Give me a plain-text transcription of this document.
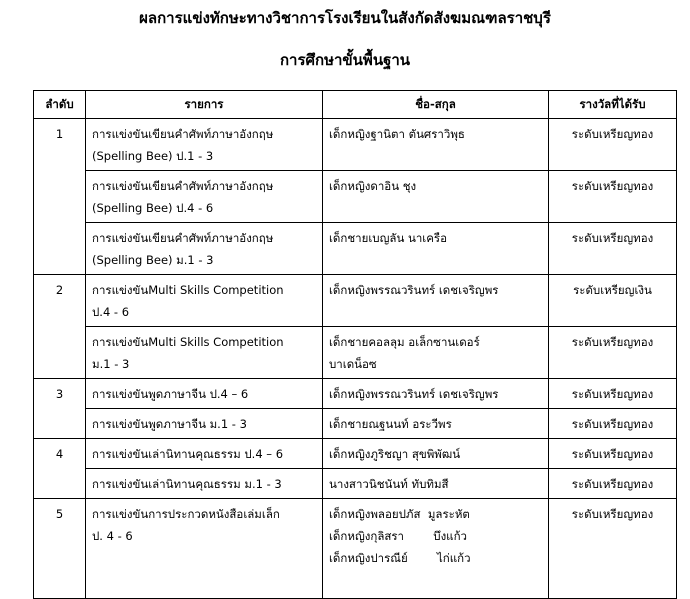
ผลการแข่งทักษะทางวิชาการโรงเรียนในสังกัดสังฆมณฑลราชบุรี
การศึกษาขั้นพื้นฐาน
ลำดับ	รายการ	ชื่อ-สกุล	รางวัลที่ได้รับ
1	การแข่งขันเขียนคำศัพท์ภาษาอังกฤษ
(Spelling Bee) ป.1 - 3	เด็กหญิงฐานิตา ตันศราวิพุธ	ระดับเหรียญทอง

	การแข่งขันเขียนคำศัพท์ภาษาอังกฤษ
(Spelling Bee) ป.4 - 6	เด็กหญิงดาอิน ชุง	ระดับเหรียญทอง

	การแข่งขันเขียนคำศัพท์ภาษาอังกฤษ
(Spelling Bee) ม.1 - 3	เด็กชายเบญลัน นาเครือ	ระดับเหรียญทอง
2	การแข่งขันMulti Skills Competition
ป.4 - 6	เด็กหญิงพรรณวรินทร์ เดชเจริญพร	ระดับเหรียญเงิน

	การแข่งขันMulti Skills Competition
ม.1 - 3	เด็กชายคอลลุม อเล็กซานเดอร์
บาเดน็อซ	ระดับเหรียญทอง
3	การแข่งขันพูดภาษาจีน ป.4 – 6	เด็กหญิงพรรณวรินทร์ เดชเจริญพร	ระดับเหรียญทอง

	การแข่งขันพูดภาษาจีน ม.1 - 3	เด็กชายณฐนนท์ อระวีพร	ระดับเหรียญทอง
4	การแข่งขันเล่านิทานคุณธรรม ป.4 – 6	เด็กหญิงภูริชญา สุขพิพัฒน์	ระดับเหรียญทอง

	การแข่งขันเล่านิทานคุณธรรม ม.1 - 3	นางสาวนิชนันท์ ทับทิมสี	ระดับเหรียญทอง
5	การแข่งขันการประกวดหนังสือเล่มเล็ก
ป. 4 - 6	เด็กหญิงพลอยปภัส  มูลระหัต
เด็กหญิงกุลิสรา        บึงแก้ว
เด็กหญิงปารณีย์        ไก่แก้ว	ระดับเหรียญทอง
